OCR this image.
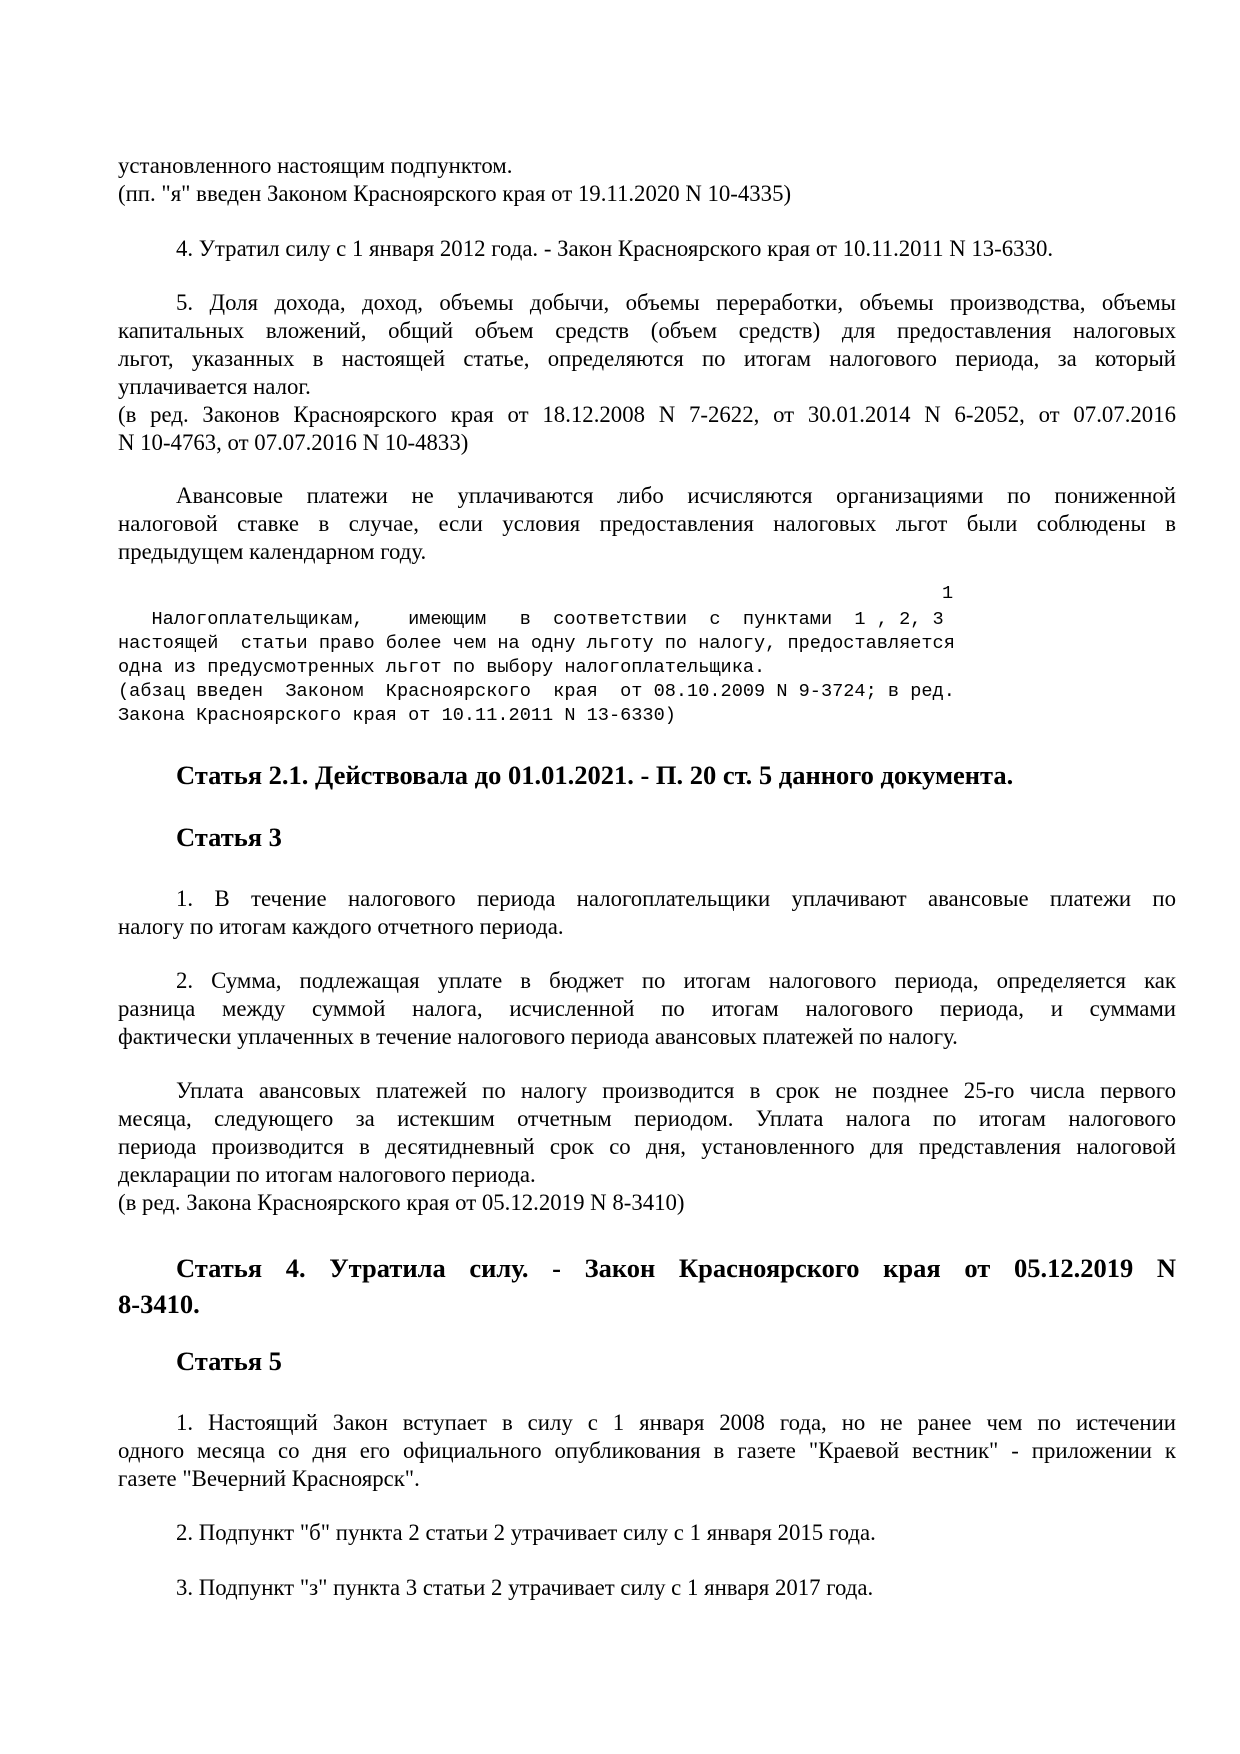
установленного настоящим подпунктом.
(пп. "я" введен Законом Красноярского края от 19.11.2020 N 10-4335)
4. Утратил силу с 1 января 2012 года. - Закон Красноярского края от 10.11.2011 N 13-6330.
5. Доля дохода, доход, объемы добычи, объемы переработки, объемы производства, объемы
капитальных вложений, общий объем средств (объем средств) для предоставления налоговых
льгот, указанных в настоящей статье, определяются по итогам налогового периода, за который
уплачивается налог.
(в ред. Законов Красноярского края от 18.12.2008 N 7-2622, от 30.01.2014 N 6-2052, от 07.07.2016
N 10-4763, от 07.07.2016 N 10-4833)
Авансовые платежи не уплачиваются либо исчисляются организациями по пониженной
налоговой ставке в случае, если условия предоставления налоговых льгот были соблюдены в
предыдущем календарном году.
1
Налогоплательщикам,    имеющим   в  соответствии  с  пунктами  1 , 2, 3
настоящей  статьи право более чем на одну льготу по налогу, предоставляется
одна из предусмотренных льгот по выбору налогоплательщика.
(абзац введен  Законом  Красноярского  края  от 08.10.2009 N 9-3724; в ред.
Закона Красноярского края от 10.11.2011 N 13-6330)
Статья 2.1. Действовала до 01.01.2021. - П. 20 ст. 5 данного документа.
Статья 3
1. В течение налогового периода налогоплательщики уплачивают авансовые платежи по
налогу по итогам каждого отчетного периода.
2. Сумма, подлежащая уплате в бюджет по итогам налогового периода, определяется как
разница между суммой налога, исчисленной по итогам налогового периода, и суммами
фактически уплаченных в течение налогового периода авансовых платежей по налогу.
Уплата авансовых платежей по налогу производится в срок не позднее 25-го числа первого
месяца, следующего за истекшим отчетным периодом. Уплата налога по итогам налогового
периода производится в десятидневный срок со дня, установленного для представления налоговой
декларации по итогам налогового периода.
(в ред. Закона Красноярского края от 05.12.2019 N 8-3410)
Статья 4. Утратила силу. - Закон Красноярского края от 05.12.2019 N
8-3410.
Статья 5
1. Настоящий Закон вступает в силу с 1 января 2008 года, но не ранее чем по истечении
одного месяца со дня его официального опубликования в газете "Краевой вестник" - приложении к
газете "Вечерний Красноярск".
2. Подпункт "б" пункта 2 статьи 2 утрачивает силу с 1 января 2015 года.
3. Подпункт "з" пункта 3 статьи 2 утрачивает силу с 1 января 2017 года.
